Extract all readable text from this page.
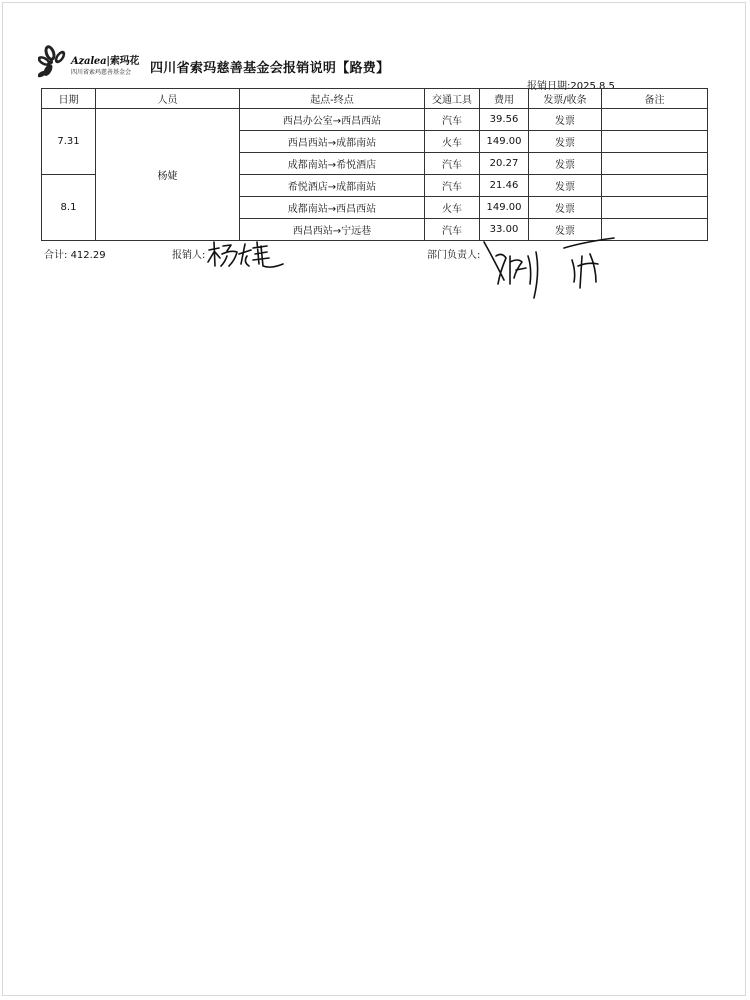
Azalea|索玛花
四川省索玛慈善基金会 四川省索玛慈善基金会报销说明【路费】
报销日期:2025.8.5
日期	人员	起点-终点	交通工具	费用	发票/收条	备注
7.31	杨婕	西昌办公室→西昌西站	汽车	39.56	发票	
		西昌西站→成都南站	火车	149.00	发票	
		成都南站→希悦酒店	汽车	20.27	发票	
8.1		希悦酒店→成都南站	汽车	21.46	发票	
		成都南站→西昌西站	火车	149.00	发票	
		西昌西站→宁远巷	汽车	33.00	发票	
合计: 412.29	报销人:	部门负责人:
